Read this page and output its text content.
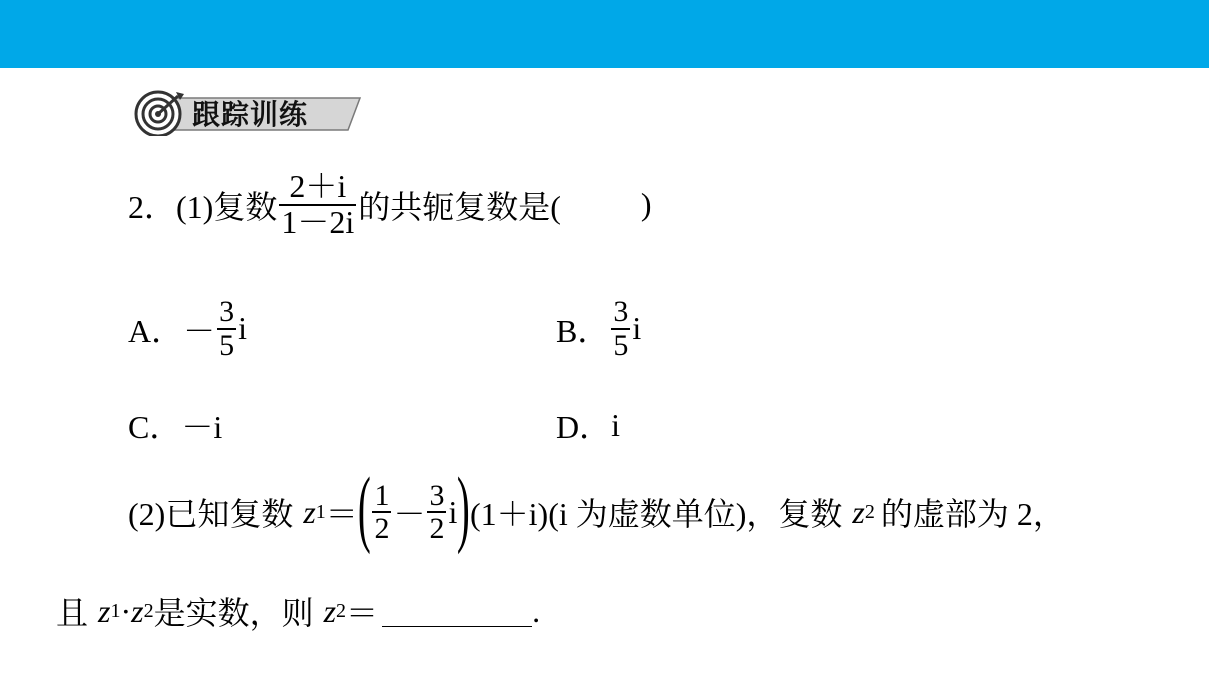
跟踪训练
2．(1)复数 $\frac{2+i}{1-2i}$ 的共轭复数是(	)
A． － $\frac{3}{5}$ i	B． $\frac{3}{5}$ i
C． －i	D． i
(2)已知复数 z 1 ＝ ( $\frac{1}{2} - \frac{3}{2}$ i ) (1＋i)(i 为虚数单位)，复数 z 2 的虚部为 2，
且 z 1 · z 2 是实数，则 z 2 ＝	.
